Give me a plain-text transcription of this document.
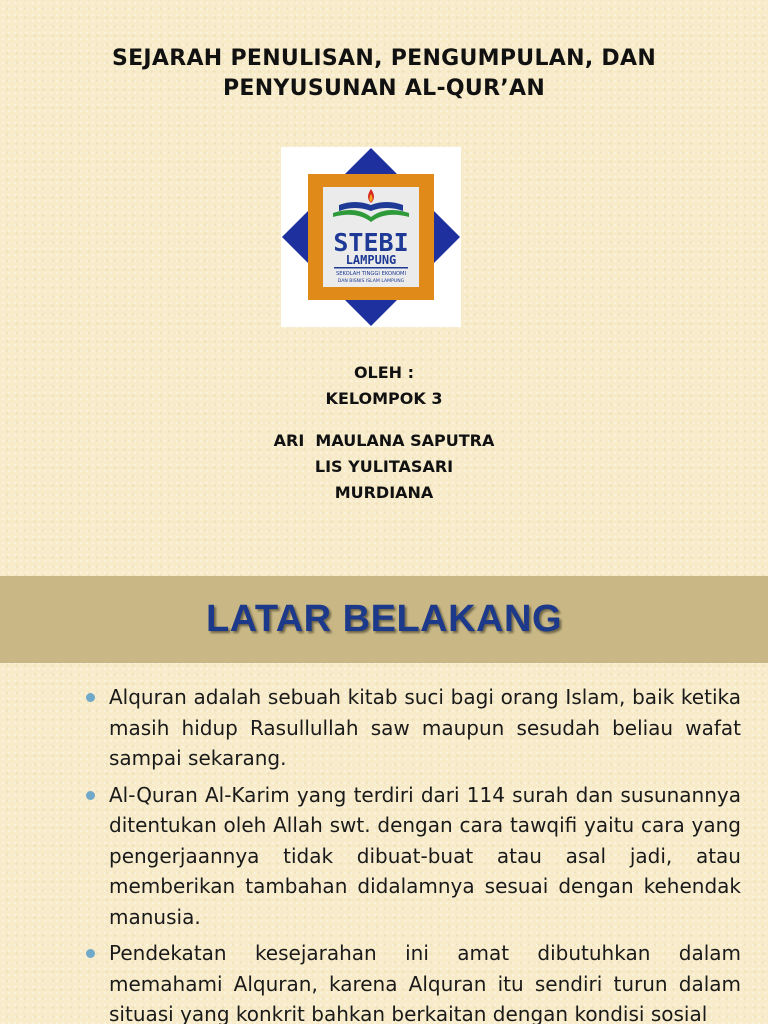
SEJARAH PENULISAN, PENGUMPULAN, DAN
PENYUSUNAN AL-QUR’AN
STEBI
LAMPUNG
SEKOLAH TINGGI EKONOMI
DAN BISNIS ISLAM LAMPUNG
OLEH :
KELOMPOK 3
ARI  MAULANA SAPUTRA
LIS YULITASARI
MURDIANA
LATAR BELAKANG
Alquran adalah sebuah kitab suci bagi orang Islam, baik ketika masih hidup Rasullullah saw maupun sesudah beliau wafat sampai sekarang.
Al-Quran Al-Karim yang terdiri dari 114 surah dan susunannya ditentukan oleh Allah swt. dengan cara tawqifi yaitu cara yang pengerjaannya tidak dibuat-buat atau asal jadi, atau memberikan tambahan didalamnya sesuai dengan kehendak manusia.
Pendekatan kesejarahan ini amat dibutuhkan dalam memahami Alquran, karena Alquran itu sendiri turun dalam situasi yang konkrit bahkan berkaitan dengan kondisi sosial
